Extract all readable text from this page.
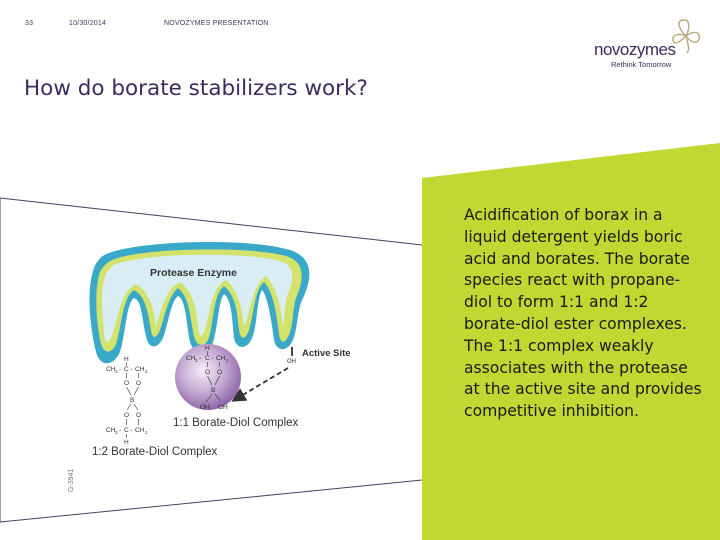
33	10/30/2014	NOVOZYMES PRESENTATION
novozymes
Rethink Tomorrow
How do borate stabilizers work?
Protease Enzyme
H
CH 3 - C - CH 2
O O
B
OH OH
OH
Active Site
1:1 Borate-Diol Complex
H
CH 3 - C - CH 2
O O
B
O O
CH 3 - C - CH 2
H
1:2 Borate-Diol Complex
G-3941

Acidification of borax in a liquid detergent yields boric acid and borates. The borate species react with propane-diol to form 1:1 and 1:2 borate-diol ester complexes. The 1:1 complex weakly associates with the protease at the active site and provides competitive inhibition.
